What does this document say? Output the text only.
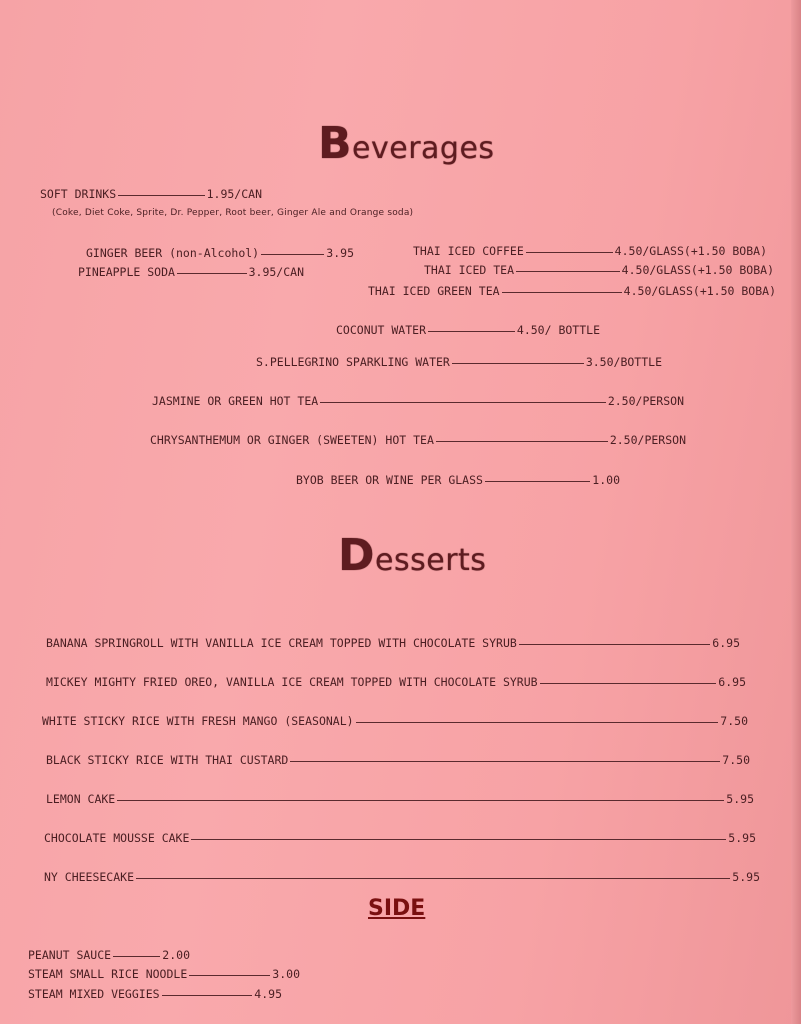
Beverages
SOFT DRINKS	1.95/CAN
(Coke, Diet Coke, Sprite, Dr. Pepper, Root beer, Ginger Ale and Orange soda)
GINGER BEER (non-Alcohol)	3.95
PINEAPPLE SODA	3.95/CAN
THAI ICED COFFEE	4.50/GLASS(+1.50 BOBA)
THAI ICED TEA	4.50/GLASS(+1.50 BOBA)
THAI ICED GREEN TEA	4.50/GLASS(+1.50 BOBA)
COCONUT WATER	4.50/ BOTTLE
S.PELLEGRINO SPARKLING WATER	3.50/BOTTLE
JASMINE OR GREEN HOT TEA	2.50/PERSON
CHRYSANTHEMUM OR GINGER (SWEETEN) HOT TEA	2.50/PERSON
BYOB BEER OR WINE PER GLASS	1.00
Desserts
BANANA SPRINGROLL WITH VANILLA ICE CREAM TOPPED WITH CHOCOLATE SYRUB	6.95
MICKEY MIGHTY FRIED OREO, VANILLA ICE CREAM TOPPED WITH CHOCOLATE SYRUB	6.95
WHITE STICKY RICE WITH FRESH MANGO (SEASONAL)	7.50
BLACK STICKY RICE WITH THAI CUSTARD	7.50
LEMON CAKE	5.95
CHOCOLATE MOUSSE CAKE	5.95
NY CHEESECAKE	5.95
SIDE
PEANUT SAUCE	2.00
STEAM SMALL RICE NOODLE	3.00
STEAM MIXED VEGGIES	4.95
